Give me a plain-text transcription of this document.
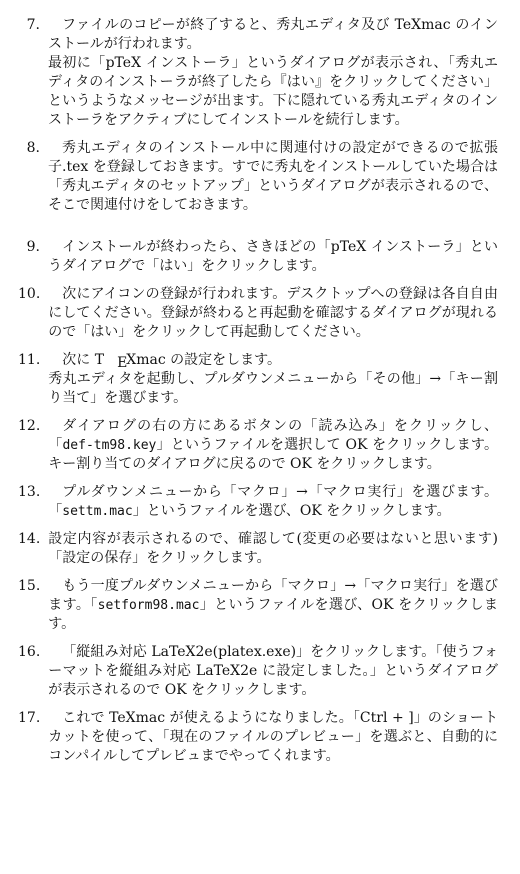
7.	ファイルのコピーが終了すると、秀丸エディタ及び TeXmac のインストールが行われます。
最初に「pTeX インストーラ」というダイアログが表示され、「秀丸エディタのインストーラが終了したら『はい』をクリックしてください」というようなメッセージが出ます。下に隠れている秀丸エディタのインストーラをアクティブにしてインストールを続行します。
8.	秀丸エディタのインストール中に関連付けの設定ができるので拡張子.tex を登録しておきます。すでに秀丸をインストールしていた場合は「秀丸エディタのセットアップ」というダイアログが表示されるので、そこで関連付けをしておきます。
9.	インストールが終わったら、さきほどの「pTeX インストーラ」というダイアログで「はい」をクリックします。
10.	次にアイコンの登録が行われます。デスクトップへの登録は各自自由にしてください。登録が終わると再起動を確認するダイアログが現れるので「はい」をクリックして再起動してください。
11.	次に T EXmac の設定をします。
秀丸エディタを起動し、プルダウンメニューから「その他」→「キー割り当て」を選びます。
12.	ダイアログの右の方にあるボタンの「読み込み」をクリックし、「def-tm98.key」というファイルを選択して OK をクリックします。キー割り当てのダイアログに戻るので OK をクリックします。
13.	プルダウンメニューから「マクロ」→「マクロ実行」を選びます。「settm.mac」というファイルを選び、OK をクリックします。
14. 設定内容が表示されるので、確認して(変更の必要はないと思います)「設定の保存」をクリックします。
15.	もう一度プルダウンメニューから「マクロ」→「マクロ実行」を選びます。「setform98.mac」というファイルを選び、OK をクリックします。
16.	「縦組み対応 LaTeX2e(platex.exe)」をクリックします。「使うフォーマットを縦組み対応 LaTeX2e に設定しました。」というダイアログが表示されるので OK をクリックします。
17.	これで TeXmac が使えるようになりました。「Ctrl + ]」のショートカットを使って、「現在のファイルのプレビュー」を選ぶと、自動的にコンパイルしてプレビュまでやってくれます。
